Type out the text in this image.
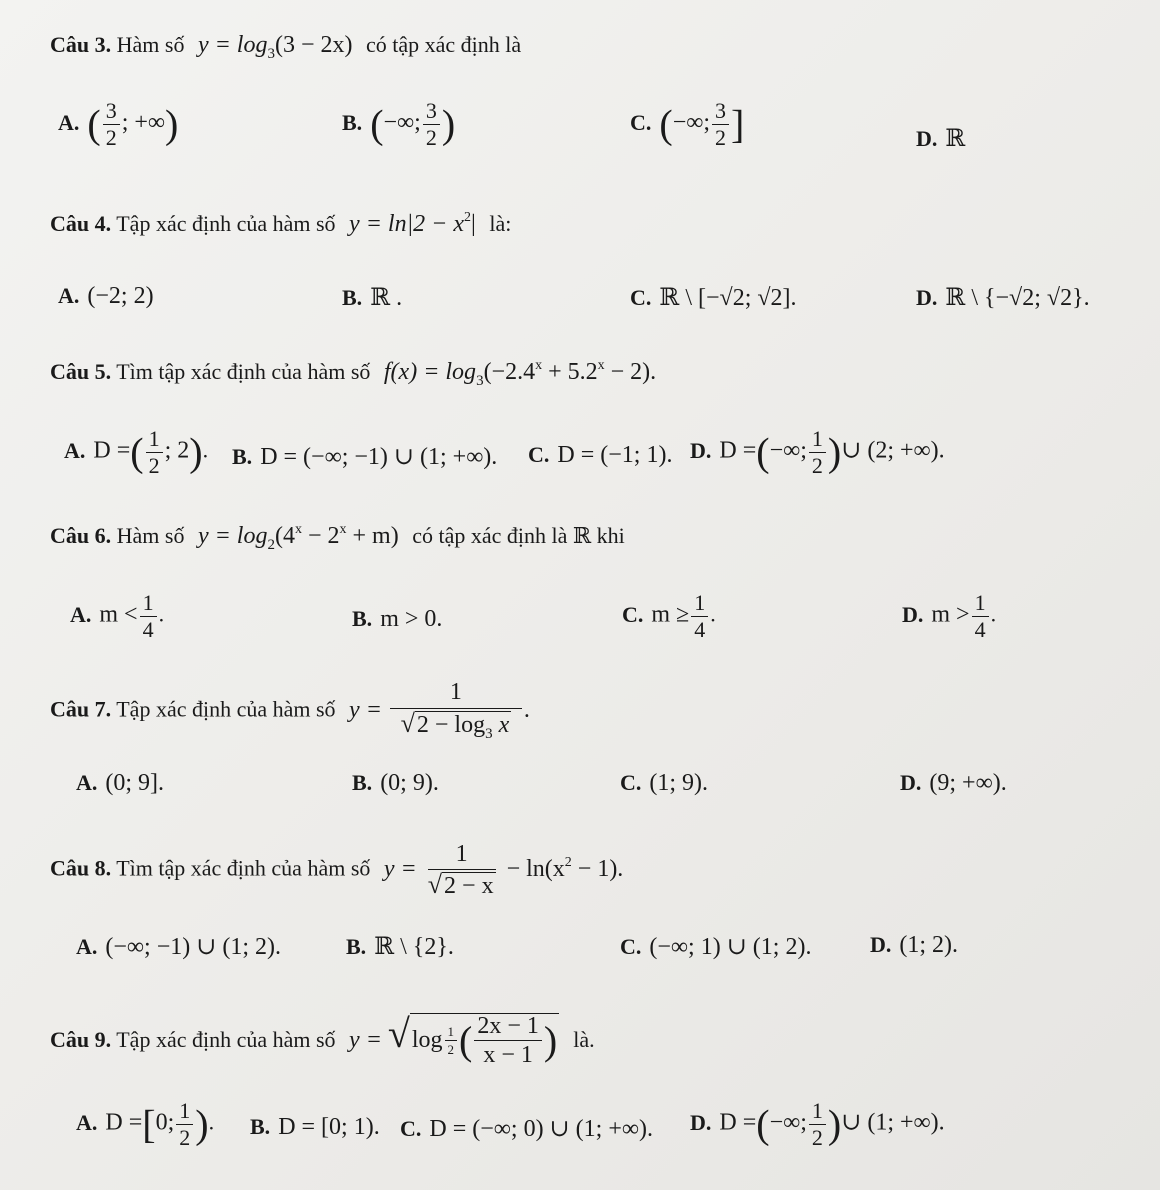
Câu 3. Hàm số $y = \log_3(3 - 2x)$ có tập xác định là
A. ( $\frac{3}{2}$ ; +∞)	B. (−∞; $\frac{3}{2}$ )	C. (−∞; $\frac{3}{2}$ ]	D. ℝ
Câu 4. Tập xác định của hàm số $y = \ln|2 - x^2|$ là:
A. (−2; 2)	B. ℝ .	C. ℝ \ [−√2; √2].	D. ℝ \ {−√2; √2}.
Câu 5. Tìm tập xác định của hàm số $f(x) = \log_3(-2.4^x + 5.2^x - 2)$.
A. D =( $\frac{1}{2}$ ; 2). B. D = (−∞; −1) ∪ (1; +∞). C. D = (−1; 1). D. D =(−∞; $\frac{1}{2}$ )∪ (2; +∞).
Câu 6. Hàm số $y = \log_2(4^x - 2^x + m)$ có tập xác định là ℝ khi
A. $m < \frac{1}{4}$ .	B. m > 0.	C. $m \ge \frac{1}{4}$ .	D. $m > \frac{1}{4}$ .
Câu 7. Tập xác định của hàm số $y = \frac{1}{√2 - \log_3 x}$ .
A. (0; 9].	B. (0; 9).	C. (1; 9).	D. (9; +∞).
Câu 8. Tìm tập xác định của hàm số $y = \frac{1}{√2 - x} - \ln(x^2 - 1)$.
A. (−∞; −1) ∪ (1; 2).	B. ℝ \ {2}.	C. (−∞; 1) ∪ (1; 2).	D. (1; 2).
Câu 9. Tập xác định của hàm số y = √ $\log \frac{1}{2}$ ( $\frac{2x - 1}{x - 1}$ ) là.
A. D =[0; $\frac{1}{2}$ ). B. D = [0; 1). C. D = (−∞; 0) ∪ (1; +∞). D. D =(−∞; $\frac{1}{2}$ )∪ (1; +∞).
